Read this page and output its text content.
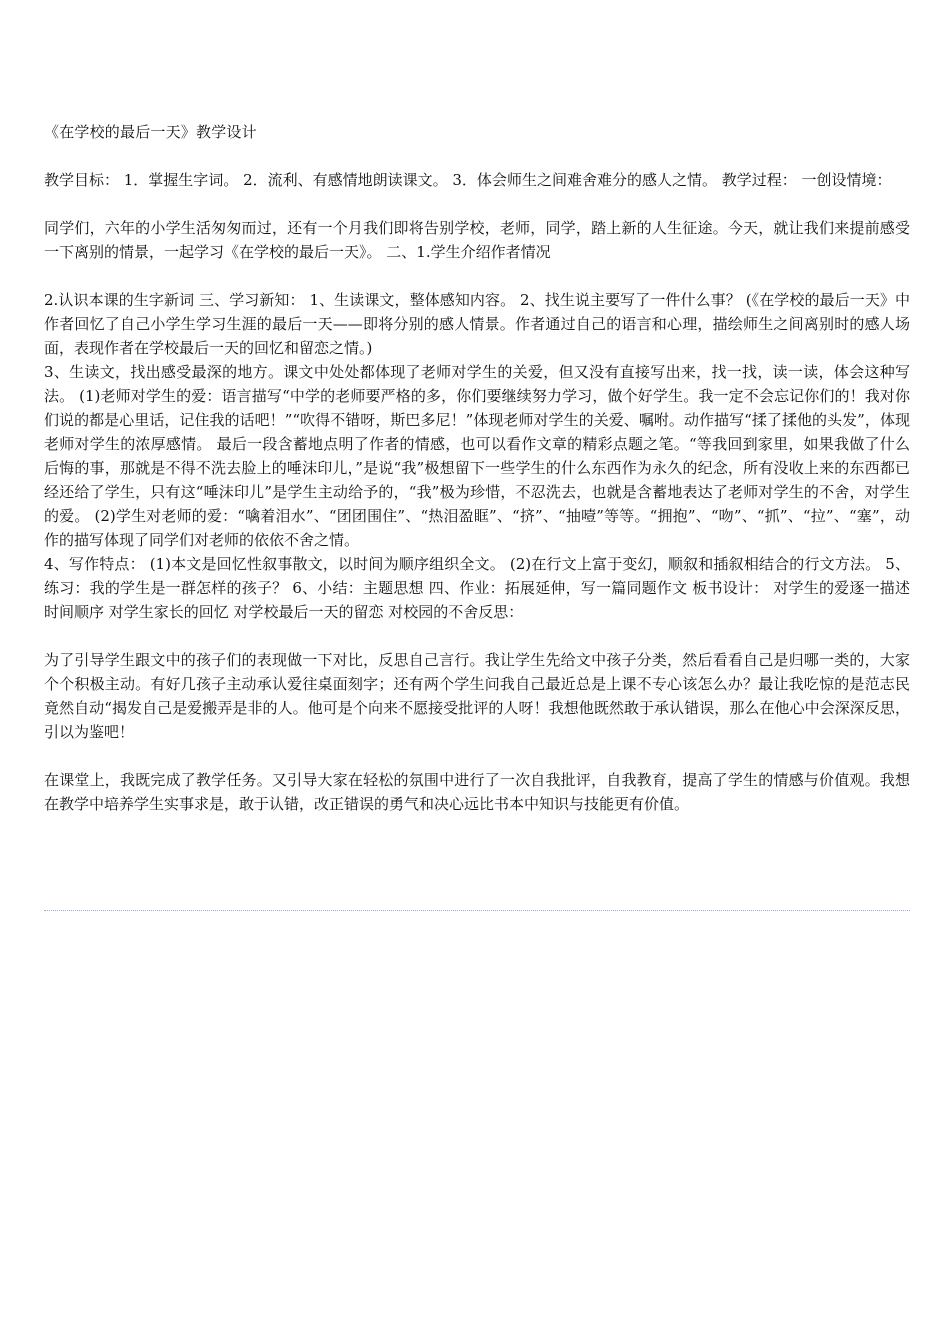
《在学校的最后一天》教学设计
教学目标： 1．掌握生字词。 2．流利、有感情地朗读课文。 3．体会师生之间难舍难分的感人之情。 教学过程： 一创设情境：
同学们，六年的小学生活匆匆而过，还有一个月我们即将告别学校，老师，同学，踏上新的人生征途。今天，就让我们来提前感受一下离别的情景，一起学习《在学校的最后一天》。 二、1.学生介绍作者情况
2.认识本课的生字新词 三、学习新知： 1、生读课文，整体感知内容。 2、找生说主要写了一件什么事？ (《在学校的最后一天》中作者回忆了自己小学生学习生涯的最后一天——即将分别的感人情景。作者通过自己的语言和心理，描绘师生之间离别时的感人场面，表现作者在学校最后一天的回忆和留恋之情。)
3、生读文，找出感受最深的地方。课文中处处都体现了老师对学生的关爱，但又没有直接写出来，找一找，读一读，体会这种写法。 (1)老师对学生的爱：语言描写“中学的老师要严格的多，你们要继续努力学习，做个好学生。我一定不会忘记你们的！我对你们说的都是心里话，记住我的话吧！”“吹得不错呀，斯巴多尼！”体现老师对学生的关爱、嘱咐。动作描写“揉了揉他的头发”，体现老师对学生的浓厚感情。 最后一段含蓄地点明了作者的情感，也可以看作文章的精彩点题之笔。“等我回到家里，如果我做了什么后悔的事，那就是不得不洗去脸上的唾沫印儿，”是说“我”极想留下一些学生的什么东西作为永久的纪念，所有没收上来的东西都已经还给了学生，只有这“唾沫印儿”是学生主动给予的，“我”极为珍惜，不忍洗去，也就是含蓄地表达了老师对学生的不舍，对学生的爱。 (2)学生对老师的爱：“噙着泪水”、“团团围住”、“热泪盈眶”、“挤”、“抽噎”等等。“拥抱”、“吻”、“抓”、“拉”、“塞”，动作的描写体现了同学们对老师的依依不舍之情。
4、写作特点： (1)本文是回忆性叙事散文，以时间为顺序组织全文。 (2)在行文上富于变幻，顺叙和插叙相结合的行文方法。 5、练习：我的学生是一群怎样的孩子？ 6、小结：主题思想 四、作业：拓展延伸，写一篇同题作文 板书设计： 对学生的爱逐一描述 时间顺序 对学生家长的回忆 对学校最后一天的留恋 对校园的不舍反思：
为了引导学生跟文中的孩子们的表现做一下对比，反思自己言行。我让学生先给文中孩子分类，然后看看自己是归哪一类的，大家个个积极主动。有好几孩子主动承认爱往桌面刻字；还有两个学生问我自己最近总是上课不专心该怎么办？最让我吃惊的是范志民竟然自动“揭发自己是爱搬弄是非的人。他可是个向来不愿接受批评的人呀！我想他既然敢于承认错误，那么在他心中会深深反思，引以为鉴吧！
在课堂上，我既完成了教学任务。又引导大家在轻松的氛围中进行了一次自我批评，自我教育，提高了学生的情感与价值观。我想在教学中培养学生实事求是，敢于认错，改正错误的勇气和决心远比书本中知识与技能更有价值。
